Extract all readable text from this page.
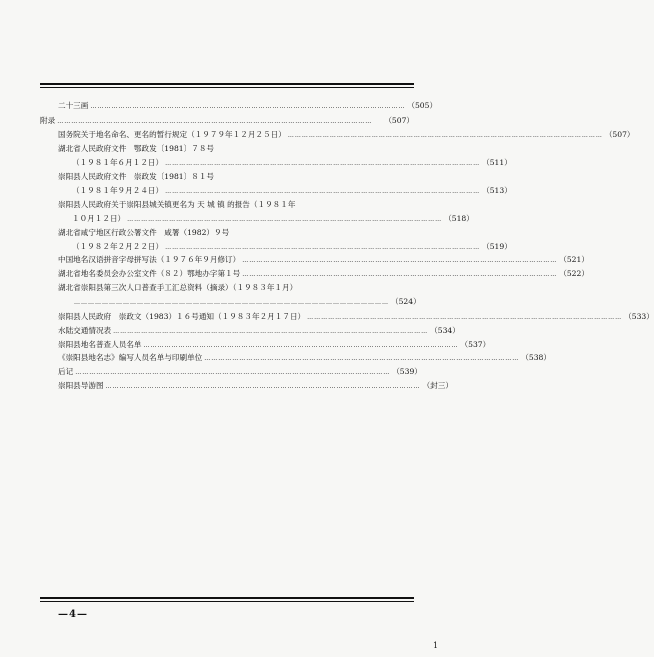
二十三画 ……………………………………………………………………………………………………………………… （505）
附录 ………………………………………………………………………………………………………………………	（507）
国务院关于地名命名、更名的暂行规定（１９７９年１２月２５日） ……………………………………………………………………………………………………………………… （507）
湖北省人民政府文件　鄂政发〔1981〕７８号
（１９８１年６月１２日） ……………………………………………………………………………………………………………………… （511）
崇阳县人民政府文件　崇政发〔1981〕８１号
（１９８１年９月２４日） ……………………………………………………………………………………………………………………… （513）
崇阳县人民政府关于崇阳县城关镇更名为 天 城 镇 的报告（１９８１年
１０月１２日） ……………………………………………………………………………………………………………………… （518）
湖北省咸宁地区行政公署文件　咸署（1982）９号
（１９８２年２月２２日） ……………………………………………………………………………………………………………………… （519）
中国地名汉语拼音字母拼写法（１９７６年９月修订） ……………………………………………………………………………………………………………………… （521）
湖北省地名委员会办公室文件（８２）鄂地办字第１号 ……………………………………………………………………………………………………………………… （522）
湖北省崇阳县第三次人口普查手工汇总资料（摘录）（１９８３年１月）
……………………………………………………………………………………………………………………… （524）
崇阳县人民政府　崇政文（1983）１６号通知（１９８３年２月１７日） ……………………………………………………………………………………………………………………… （533）
水陆交通情况表 ……………………………………………………………………………………………………………………… （534）
崇阳县地名普查人员名单 ……………………………………………………………………………………………………………………… （537）
《崇阳县地名志》编写人员名单与印刷单位 ……………………………………………………………………………………………………………………… （538）
后记 ……………………………………………………………………………………………………………………… （539）
崇阳县导游图 ……………………………………………………………………………………………………………………… （封三）
—4—
1
